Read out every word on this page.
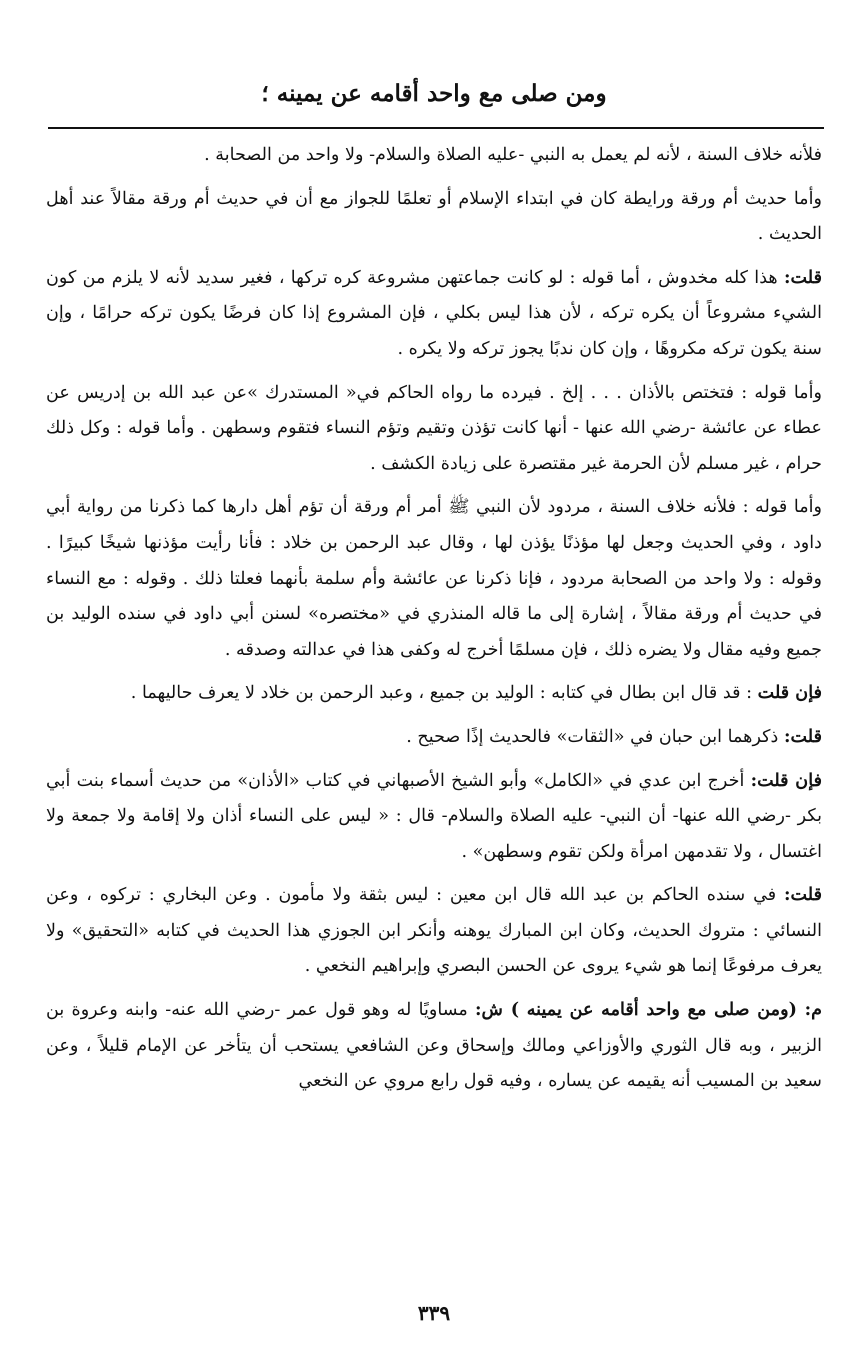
ومن صلى مع واحد أقامه عن يمينه ؛

فلأنه خلاف السنة ، لأنه لم يعمل به النبي -عليه الصلاة والسلام- ولا واحد من الصحابة .

وأما حديث أم ورقة ورايطة كان في ابتداء الإسلام أو تعلمًا للجواز مع أن في حديث أم ورقة مقالاً عند أهل الحديث .

قلت: هذا كله مخدوش ، أما قوله : لو كانت جماعتهن مشروعة كره تركها ، فغير سديد لأنه لا يلزم من كون الشيء مشروعاً أن يكره تركه ، لأن هذا ليس بكلي ، فإن المشروع إذا كان فرضًا يكون تركه حرامًا ، وإن سنة يكون تركه مكروهًا ، وإن كان ندبًا يجوز تركه ولا يكره .

وأما قوله : فتختص بالأذان . . . إلخ . فيرده ما رواه الحاكم في« المستدرك »عن عبد الله بن إدريس عن عطاء عن عائشة -رضي الله عنها - أنها كانت تؤذن وتقيم وتؤم النساء فتقوم وسطهن . وأما قوله : وكل ذلك حرام ، غير مسلم لأن الحرمة غير مقتصرة على زيادة الكشف .

وأما قوله : فلأنه خلاف السنة ، مردود لأن النبي ﷺ أمر أم ورقة أن تؤم أهل دارها كما ذكرنا من رواية أبي داود ، وفي الحديث وجعل لها مؤذنًا يؤذن لها ، وقال عبد الرحمن بن خلاد : فأنا رأيت مؤذنها شيخًا كبيرًا . وقوله : ولا واحد من الصحابة مردود ، فإنا ذكرنا عن عائشة وأم سلمة بأنهما فعلتا ذلك . وقوله : مع النساء في حديث أم ورقة مقالاً ، إشارة إلى ما قاله المنذري في «مختصره» لسنن أبي داود في سنده الوليد بن جميع وفيه مقال ولا يضره ذلك ، فإن مسلمًا أخرج له وكفى هذا في عدالته وصدقه .

فإن قلت : قد قال ابن بطال في كتابه : الوليد بن جميع ، وعبد الرحمن بن خلاد لا يعرف حاليهما .

قلت: ذكرهما ابن حبان في «الثقات» فالحديث إذًا صحيح .

فإن قلت: أخرج ابن عدي في «الكامل» وأبو الشيخ الأصبهاني في كتاب «الأذان» من حديث أسماء بنت أبي بكر -رضي الله عنها- أن النبي- عليه الصلاة والسلام- قال : « ليس على النساء أذان ولا إقامة ولا جمعة ولا اغتسال ، ولا تقدمهن امرأة ولكن تقوم وسطهن» .

قلت: في سنده الحاكم بن عبد الله قال ابن معين : ليس بثقة ولا مأمون . وعن البخاري : تركوه ، وعن النسائي : متروك الحديث، وكان ابن المبارك يوهنه وأنكر ابن الجوزي هذا الحديث في كتابه «التحقيق» ولا يعرف مرفوعًا إنما هو شيء يروى عن الحسن البصري وإبراهيم النخعي .

م: (ومن صلى مع واحد أقامه عن يمينه ) ش: مساويًا له وهو قول عمر -رضي الله عنه- وابنه وعروة بن الزبير ، وبه قال الثوري والأوزاعي ومالك وإسحاق وعن الشافعي يستحب أن يتأخر عن الإمام قليلاً ، وعن سعيد بن المسيب أنه يقيمه عن يساره ، وفيه قول رابع مروي عن النخعي

٣٣٩
